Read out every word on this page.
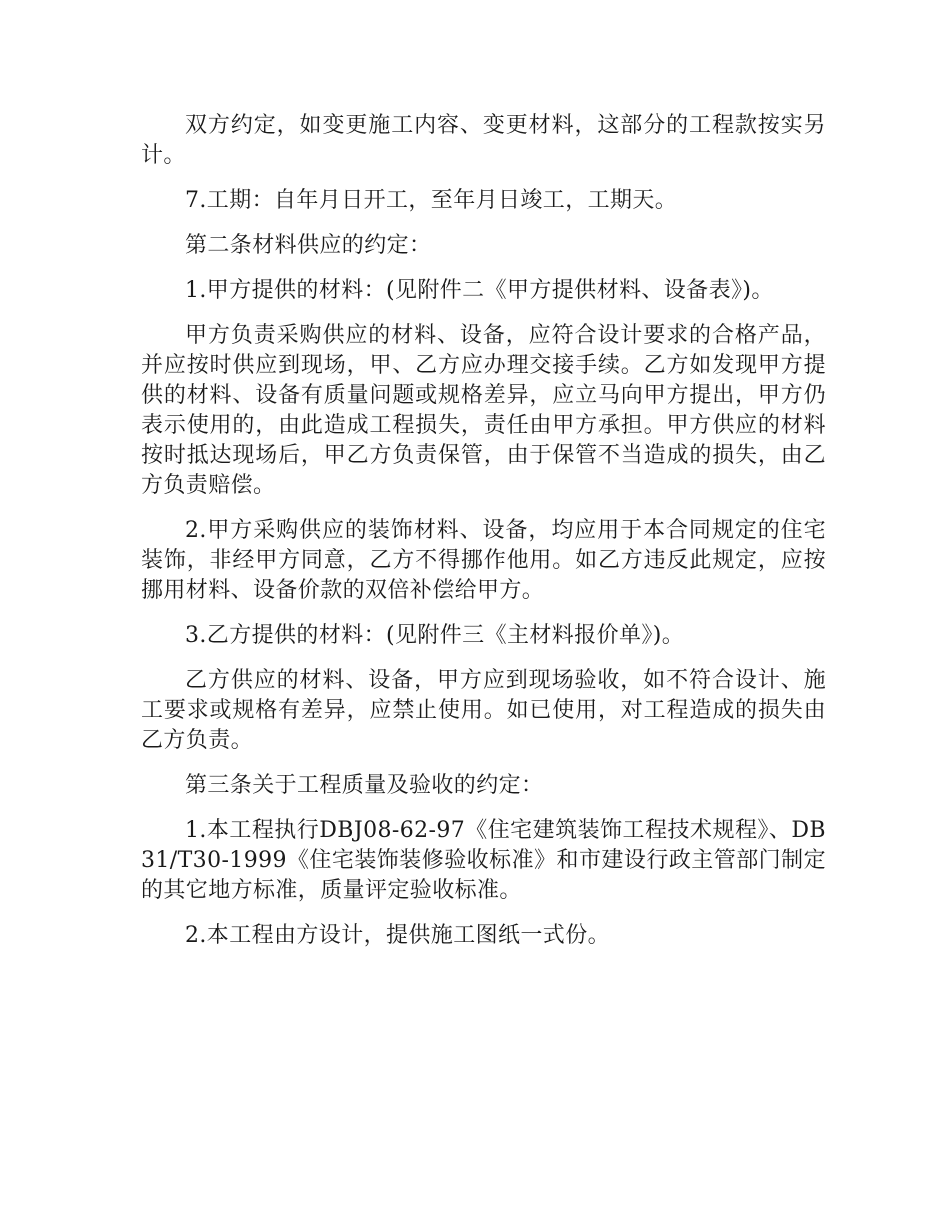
双方约定，如变更施工内容、变更材料，这部分的工程款按实另计。

7.工期：自年月日开工，至年月日竣工，工期天。

第二条材料供应的约定：

1.甲方提供的材料：(见附件二《甲方提供材料、设备表》)。

甲方负责采购供应的材料、设备，应符合设计要求的合格产品，并应按时供应到现场，甲、乙方应办理交接手续。乙方如发现甲方提供的材料、设备有质量问题或规格差异，应立马向甲方提出，甲方仍表示使用的，由此造成工程损失，责任由甲方承担。甲方供应的材料按时抵达现场后，甲乙方负责保管，由于保管不当造成的损失，由乙方负责赔偿。

2.甲方采购供应的装饰材料、设备，均应用于本合同规定的住宅装饰，非经甲方同意，乙方不得挪作他用。如乙方违反此规定，应按挪用材料、设备价款的双倍补偿给甲方。

3.乙方提供的材料：(见附件三《主材料报价单》)。

乙方供应的材料、设备，甲方应到现场验收，如不符合设计、施工要求或规格有差异，应禁止使用。如已使用，对工程造成的损失由乙方负责。

第三条关于工程质量及验收的约定：

1.本工程执行DBJ08-62-97《住宅建筑装饰工程技术规程》、DB31/T30-1999《住宅装饰装修验收标准》和市建设行政主管部门制定的其它地方标准，质量评定验收标准。

2.本工程由方设计，提供施工图纸一式份。
